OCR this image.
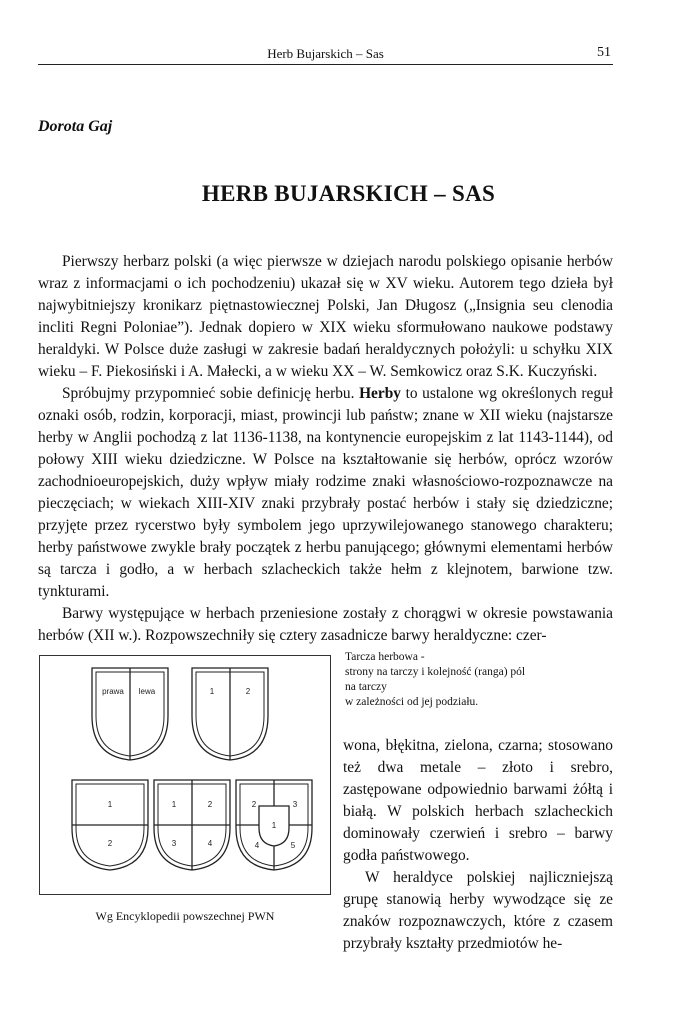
Herb Bujarskich – Sas	51
Dorota Gaj
HERB BUJARSKICH – SAS

Pierwszy herbarz polski (a więc pierwsze w dziejach narodu polskiego opisanie herbów wraz z informacjami o ich pochodzeniu) ukazał się w XV wieku. Autorem tego dzieła był najwybitniejszy kronikarz piętnastowiecznej Polski, Jan Długosz („Insignia seu clenodia incliti Regni Poloniae”). Jednak dopiero w XIX wieku sformułowano naukowe podstawy heraldyki. W Polsce duże zasługi w zakresie badań heraldycznych położyli: u schyłku XIX wieku – F. Piekosiński i A. Małecki, a w wieku XX – W. Semkowicz oraz S.K. Kuczyński.

Spróbujmy przypomnieć sobie definicję herbu. Herby to ustalone wg określonych reguł oznaki osób, rodzin, korporacji, miast, prowincji lub państw; znane w XII wieku (najstarsze herby w Anglii pochodzą z lat 1136-1138, na kontynencie europejskim z lat 1143-1144), od połowy XIII wieku dziedziczne. W Polsce na kształtowanie się herbów, oprócz wzorów zachodnioeuropejskich, duży wpływ miały rodzime znaki własnościowo-rozpoznawcze na pieczęciach; w wiekach XIII-XIV znaki przybrały postać herbów i stały się dziedziczne; przyjęte przez rycerstwo były symbolem jego uprzywilejowanego stanowego charakteru; herby państwowe zwykle brały początek z herbu panującego; głównymi elementami herbów są tarcza i godło, a w herbach szlacheckich także hełm z klejnotem, barwione tzw. tynkturami.

Barwy występujące w herbach przeniesione zostały z chorągwi w okresie powstawania herbów (XII w.). Rozpowszechniły się cztery zasadnicze barwy heraldyczne: czer-

Tarcza herbowa -
strony na tarczy i kolejność (ranga) pól
na tarczy
w zależności od jej podziału.
prawa lewa	1	2
1
2
1	2
3	4
2	3
1
4	5
Wg Encyklopedii powszechnej PWN

wona, błękitna, zielona, czarna; stosowano też dwa metale – złoto i srebro, zastępowane odpowiednio barwami żółtą i białą. W polskich herbach szlacheckich dominowały czerwień i srebro – barwy godła państwowego.

W heraldyce polskiej najliczniejszą grupę stanowią herby wywodzące się ze znaków rozpoznawczych, które z czasem przybrały kształty przedmiotów he-
